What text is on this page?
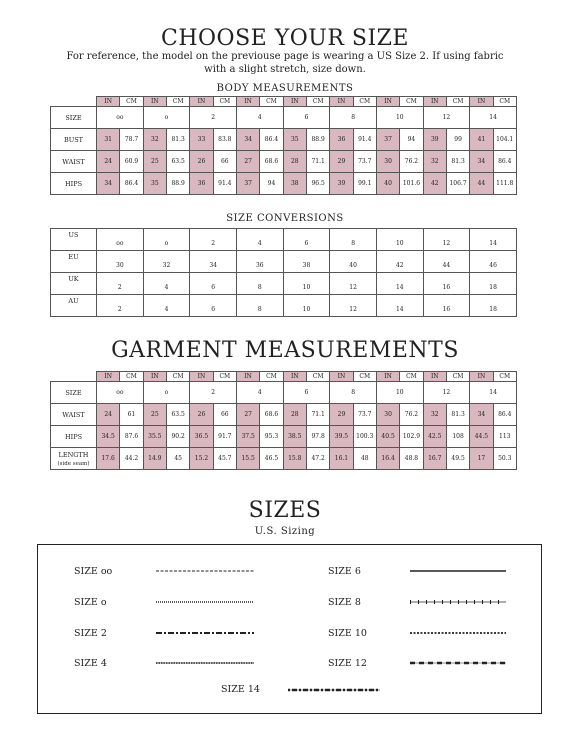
CHOOSE YOUR SIZE
For reference, the model on the previouse page is wearing a US Size 2. If using fabric with a slight stretch, size down.
BODY MEASUREMENTS
	IN	CM	IN	CM	IN	CM	IN	CM	IN	CM	IN	CM	IN	CM	IN	CM	IN	CM
SIZE	oo		o		2		4		6		8		10		12		14	
BUST	31	78.7	32	81.3	33	83.8	34	86.4	35	88.9	36	91.4	37	94	39	99	41	104.1
WAIST	24	60.9	25	63.5	26	66	27	68.6	28	71.1	29	73.7	30	76.2	32	81.3	34	86.4
HIPS	34	86.4	35	88.9	36	91.4	37	94	38	96.5	39	99.1	40	101.6	42	106.7	44	111.8
SIZE CONVERSIONS
US	oo	o	2	4	6	8	10	12	14
EU	30	32	34	36	38	40	42	44	46
UK	2	4	6	8	10	12	14	16	18
AU	2	4	6	8	10	12	14	16	18
GARMENT MEASUREMENTS
	IN	CM	IN	CM	IN	CM	IN	CM	IN	CM	IN	CM	IN	CM	IN	CM	IN	CM
SIZE	oo		o		2		4		6		8		10		12		14	
WAIST	24	61	25	63.5	26	66	27	68.6	28	71.1	29	73.7	30	76.2	32	81.3	34	86.4
HIPS	34.5	87.6	35.5	90.2	36.5	91.7	37.5	95.3	38.5	97.8	39.5	100.3	40.5	102.9	42.5	108	44.5	113
LENGTH
(side seam)	17.6	44.2	14.9	45	15.2	45.7	15.5	46.5	15.8	47.2	16.1	48	16.4	48.8	16.7	49.5	17	50.3
SIZES
U.S. Sizing
SIZE oo
SIZE o
SIZE 2
SIZE 4
SIZE 6
SIZE 8
SIZE 10
SIZE 12
SIZE 14
